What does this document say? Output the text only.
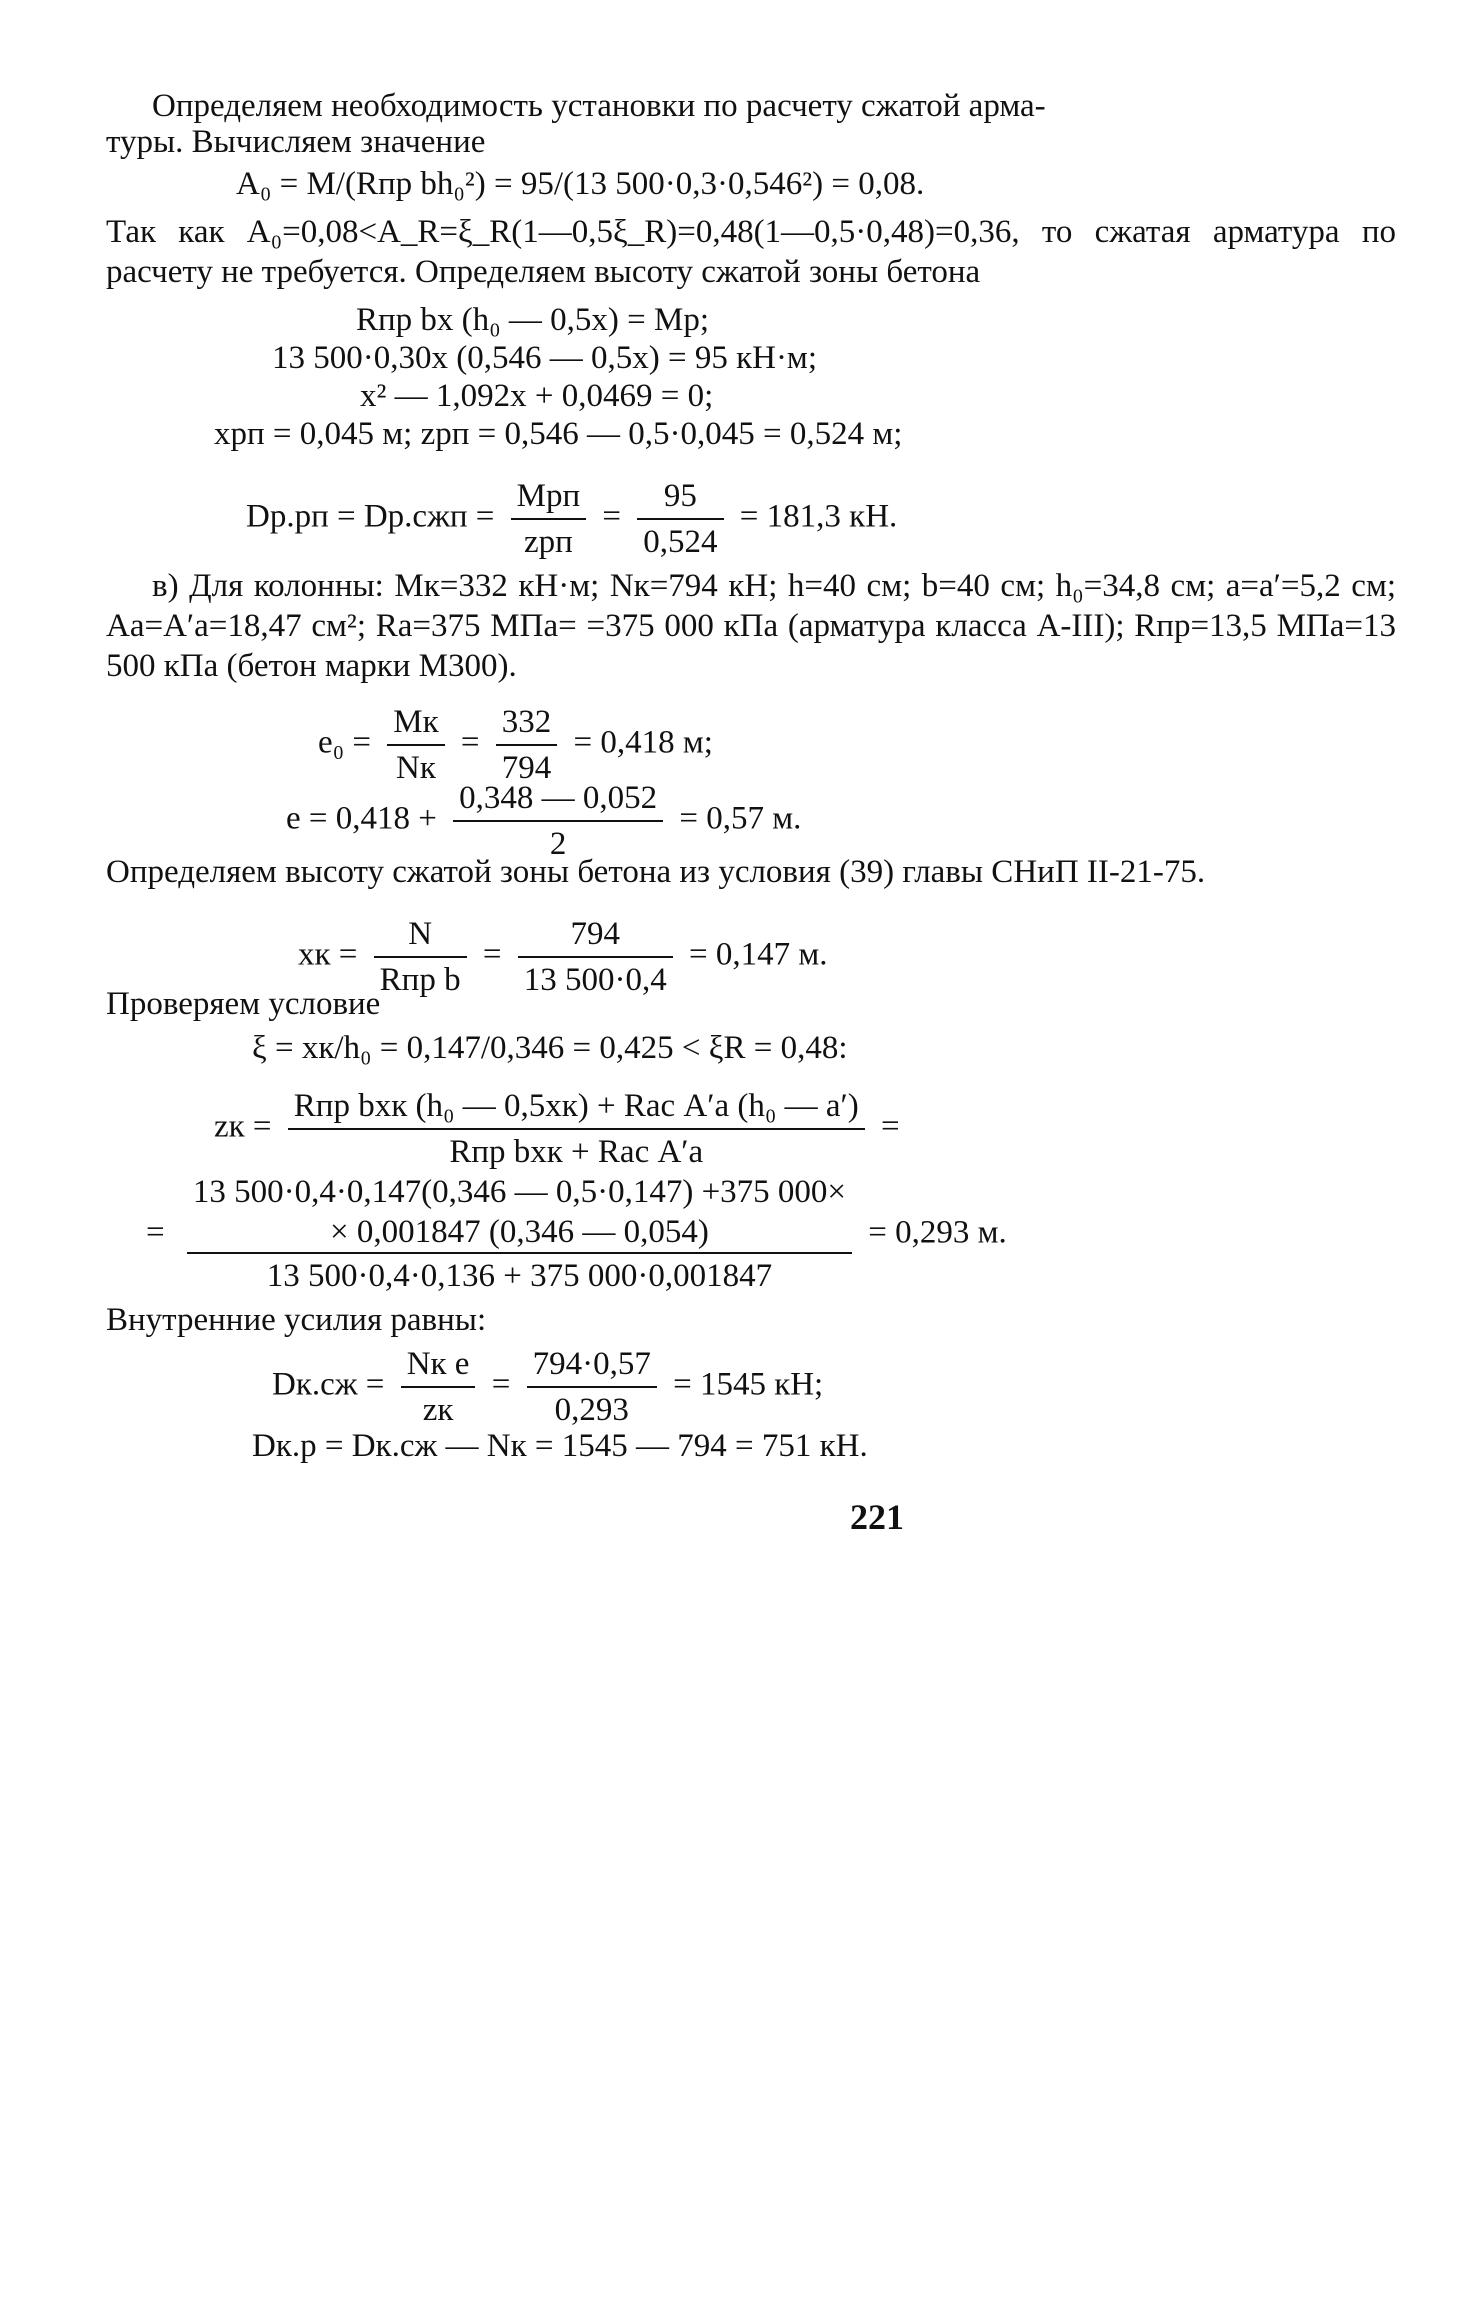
Определяем необходимость установки по расчету сжатой арма-
туры. Вычисляем значение
A₀ = M/(Rпр bh₀²) = 95/(13 500·0,3·0,546²) = 0,08.
Так как A₀=0,08<A_R=ξ_R(1—0,5ξ_R)=0,48(1—0,5·0,48)=0,36, то сжатая арматура по расчету не требуется. Определяем высоту сжатой зоны бетона
Rпр bx (h₀ — 0,5x) = Mр;
13 500·0,30x (0,546 — 0,5x) = 95 кН·м;
x² — 1,092x + 0,0469 = 0;
xрп = 0,045 м; zрп = 0,546 — 0,5·0,045 = 0,524 м;
$Dр.рп = Dр.сжп = \frac{\text{Mрп}}{\text{zрп}} = \frac{95}{0,524} = 181,3$ кН.
в) Для колонны: Mк=332 кН·м; Nк=794 кН; h=40 см; b=40 см; h₀=34,8 см; a=a′=5,2 см; Aа=A′а=18,47 см²; Rа=375 МПа= =375 000 кПа (арматура класса А-III); Rпр=13,5 МПа=13 500 кПа (бетон марки М300).
$e_0 = \frac{Mк}{Nк} = \frac{332}{794} = 0,418$ м;
$e = 0,418 + \frac{0,348 — 0,052}{2} = 0,57$ м.
Определяем высоту сжатой зоны бетона из условия (39) главы СНиП II-21-75.
xк = $\frac{N}{\text{Rпр b}} = \frac{794}{13 500\cdot 0,4} = 0,147$ м.
Проверяем условие
ξ = xк/h₀ = 0,147/0,346 = 0,425 < ξR = 0,48:
zк = $\frac{\text{Rпр bxк (h₀ — 0,5xк) + Rас A′а (h₀ — a′)}}{\text{Rпр bxк + Rас A′а}}$ =
=
13 500·0,4·0,147(0,346 — 0,5·0,147) +375 000×
× 0,001847 (0,346 — 0,054)
13 500·0,4·0,136 + 375 000·0,001847
= 0,293 м.
Внутренние усилия равны:
$Dк.сж = \frac{\text{Nк e}}{zк} = \frac{794\cdot 0,57}{0,293} = 1545$ кН;
Dк.р = Dк.сж — Nк = 1545 — 794 = 751 кН.
221
